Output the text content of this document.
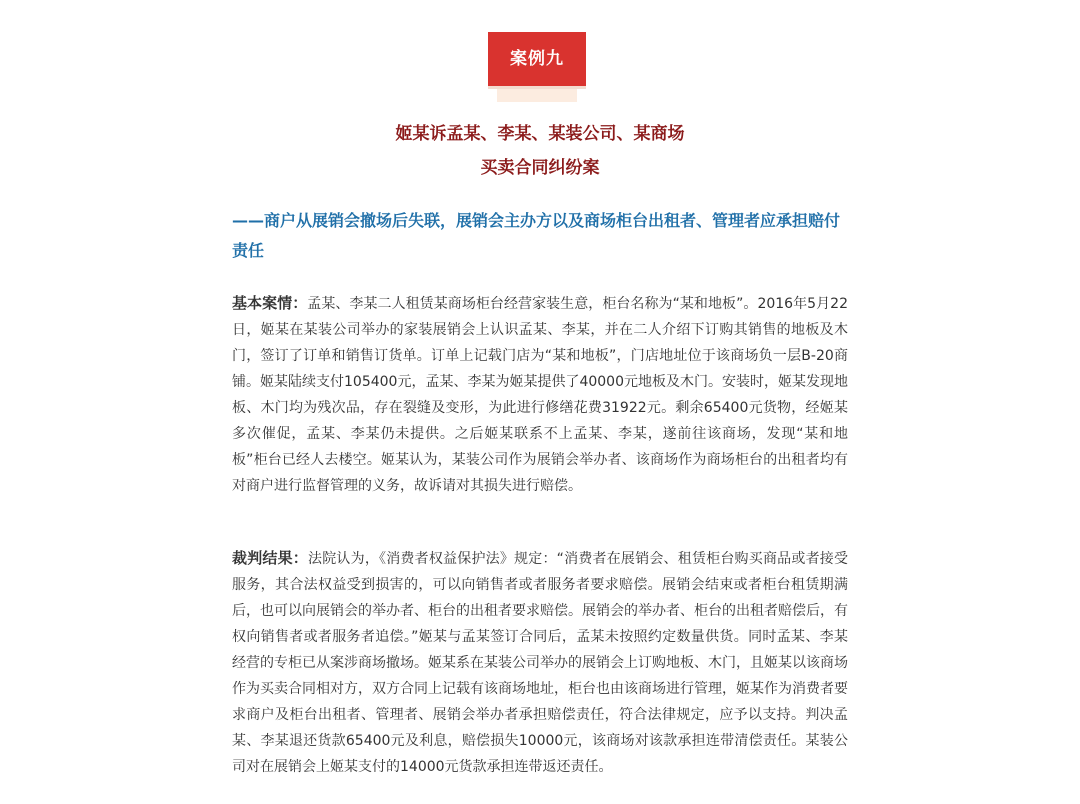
案例九
姬某诉孟某、李某、某装公司、某商场
买卖合同纠纷案
——商户从展销会撤场后失联，展销会主办方以及商场柜台出租者、管理者应承担赔付责任
基本案情：孟某、李某二人租赁某商场柜台经营家装生意，柜台名称为“某和地板”。2016年5月22日，姬某在某装公司举办的家装展销会上认识孟某、李某，并在二人介绍下订购其销售的地板及木门，签订了订单和销售订货单。订单上记载门店为“某和地板”，门店地址位于该商场负一层B-20商铺。姬某陆续支付105400元，孟某、李某为姬某提供了40000元地板及木门。安装时，姬某发现地板、木门均为残次品，存在裂缝及变形，为此进行修缮花费31922元。剩余65400元货物，经姬某多次催促，孟某、李某仍未提供。之后姬某联系不上孟某、李某，遂前往该商场，发现“某和地板”柜台已经人去楼空。姬某认为，某装公司作为展销会举办者、该商场作为商场柜台的出租者均有对商户进行监督管理的义务，故诉请对其损失进行赔偿。
裁判结果：法院认为，《消费者权益保护法》规定：“消费者在展销会、租赁柜台购买商品或者接受服务，其合法权益受到损害的，可以向销售者或者服务者要求赔偿。展销会结束或者柜台租赁期满后，也可以向展销会的举办者、柜台的出租者要求赔偿。展销会的举办者、柜台的出租者赔偿后，有权向销售者或者服务者追偿。”姬某与孟某签订合同后，孟某未按照约定数量供货。同时孟某、李某经营的专柜已从案涉商场撤场。姬某系在某装公司举办的展销会上订购地板、木门，且姬某以该商场作为买卖合同相对方，双方合同上记载有该商场地址，柜台也由该商场进行管理，姬某作为消费者要求商户及柜台出租者、管理者、展销会举办者承担赔偿责任，符合法律规定，应予以支持。判决孟某、李某退还货款65400元及利息，赔偿损失10000元，该商场对该款承担连带清偿责任。某装公司对在展销会上姬某支付的14000元货款承担连带返还责任。
